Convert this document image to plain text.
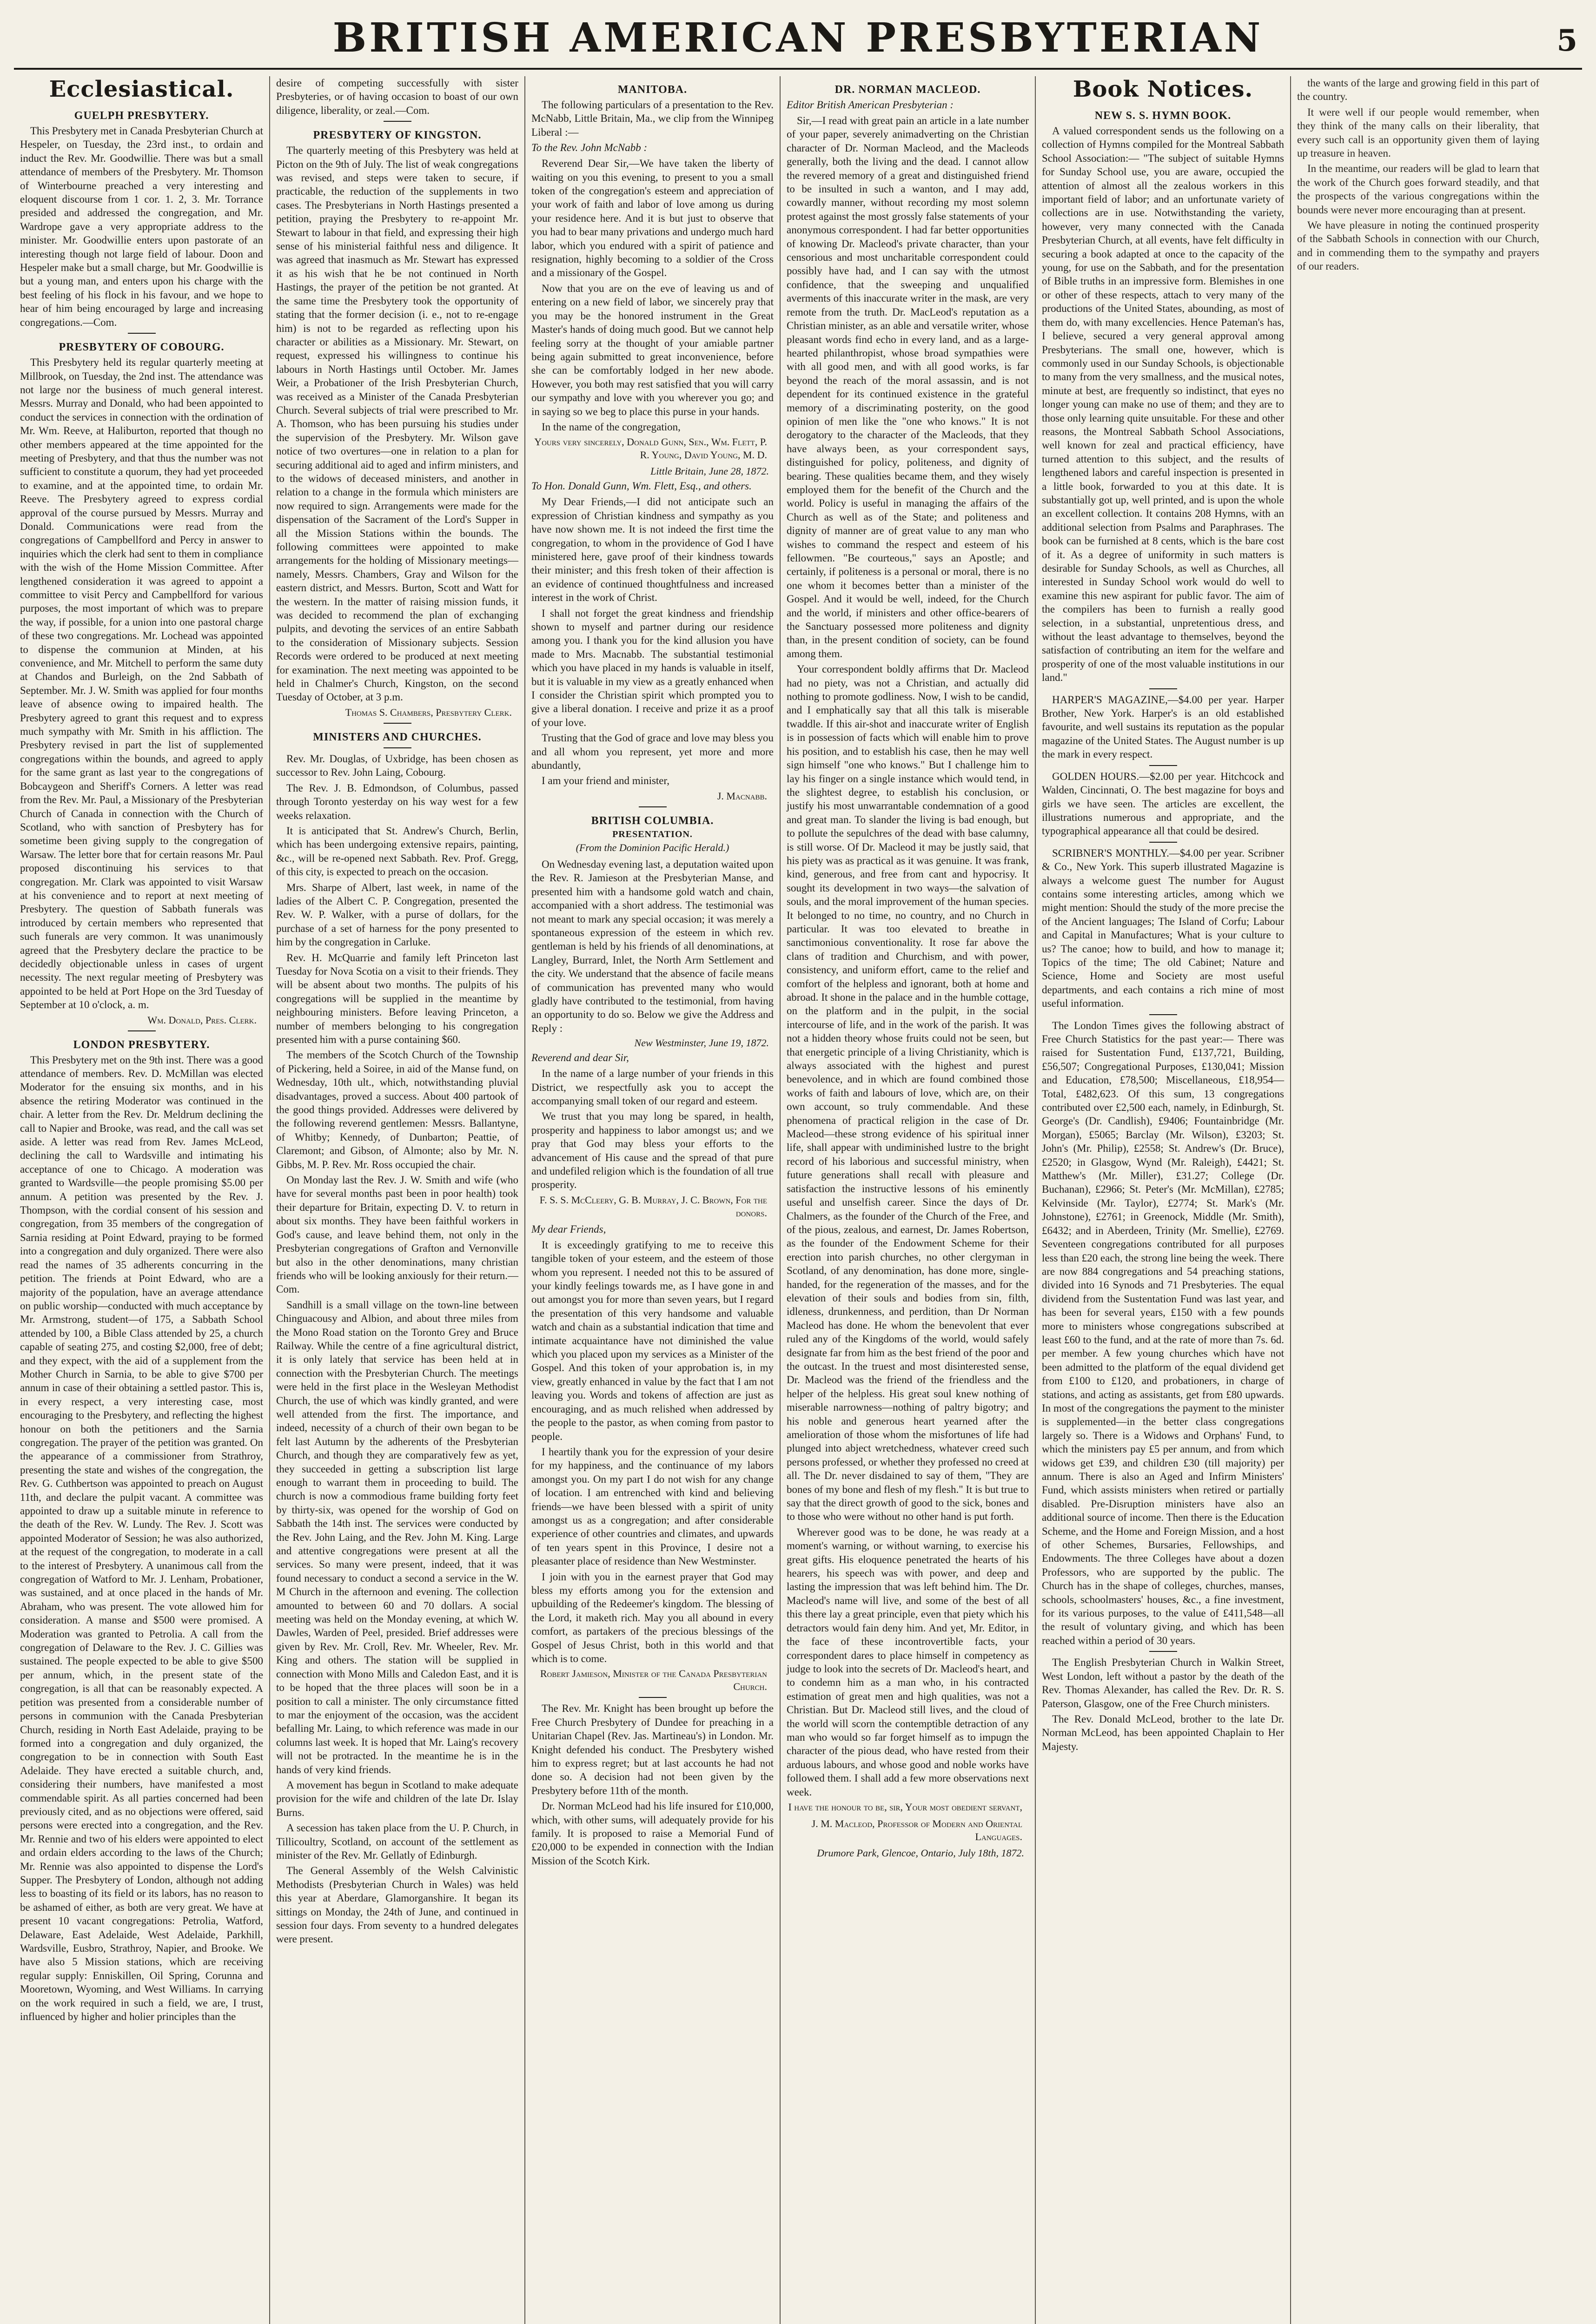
BRITISH AMERICAN PRESBYTERIAN	5
Ecclesiastical.
GUELPH PRESBYTERY.

This Presbytery met in Canada Presbyterian Church at Hespeler, on Tuesday, the 23rd inst., to ordain and induct the Rev. Mr. Goodwillie. There was but a small attendance of members of the Presbytery. Mr. Thomson of Winterbourne preached a very interesting and eloquent discourse from 1 cor. 1. 2, 3. Mr. Torrance presided and addressed the congregation, and Mr. Wardrope gave a very appropriate address to the minister. Mr. Goodwillie enters upon pastorate of an interesting though not large field of labour. Doon and Hespeler make but a small charge, but Mr. Goodwillie is but a young man, and enters upon his charge with the best feeling of his flock in his favour, and we hope to hear of him being encouraged by large and increasing congregations.—Com.

PRESBYTERY OF COBOURG.

This Presbytery held its regular quarterly meeting at Millbrook, on Tuesday, the 2nd inst. The attendance was not large nor the business of much general interest. Messrs. Murray and Donald, who had been appointed to conduct the services in connection with the ordination of Mr. Wm. Reeve, at Haliburton, reported that though no other members appeared at the time appointed for the meeting of Presbytery, and that thus the number was not sufficient to constitute a quorum, they had yet proceeded to examine, and at the appointed time, to ordain Mr. Reeve. The Presbytery agreed to express cordial approval of the course pursued by Messrs. Murray and Donald. Communications were read from the congregations of Campbellford and Percy in answer to inquiries which the clerk had sent to them in compliance with the wish of the Home Mission Committee. After lengthened consideration it was agreed to appoint a committee to visit Percy and Campbellford for various purposes, the most important of which was to prepare the way, if possible, for a union into one pastoral charge of these two congregations. Mr. Lochead was appointed to dispense the communion at Minden, at his convenience, and Mr. Mitchell to perform the same duty at Chandos and Burleigh, on the 2nd Sabbath of September. Mr. J. W. Smith was applied for four months leave of absence owing to impaired health. The Presbytery agreed to grant this request and to express much sympathy with Mr. Smith in his affliction. The Presbytery revised in part the list of supplemented congregations within the bounds, and agreed to apply for the same grant as last year to the congregations of Bobcaygeon and Sheriff's Corners. A letter was read from the Rev. Mr. Paul, a Missionary of the Presbyterian Church of Canada in connection with the Church of Scotland, who with sanction of Presbytery has for sometime been giving supply to the congregation of Warsaw. The letter bore that for certain reasons Mr. Paul proposed discontinuing his services to that congregation. Mr. Clark was appointed to visit Warsaw at his convenience and to report at next meeting of Presbytery. The question of Sabbath funerals was introduced by certain members who represented that such funerals are very common. It was unanimously agreed that the Presbytery declare the practice to be decidedly objectionable unless in cases of urgent necessity. The next regular meeting of Presbytery was appointed to be held at Port Hope on the 3rd Tuesday of September at 10 o'clock, a. m.

Wm. Donald, Pres. Clerk.
LONDON PRESBYTERY.

This Presbytery met on the 9th inst. There was a good attendance of members. Rev. D. McMillan was elected Moderator for the ensuing six months, and in his absence the retiring Moderator was continued in the chair. A letter from the Rev. Dr. Meldrum declining the call to Napier and Brooke, was read, and the call was set aside. A letter was read from Rev. James McLeod, declining the call to Wardsville and intimating his acceptance of one to Chicago. A moderation was granted to Wardsville—the people promising $5.00 per annum. A petition was presented by the Rev. J. Thompson, with the cordial consent of his session and congregation, from 35 members of the congregation of Sarnia residing at Point Edward, praying to be formed into a congregation and duly organized. There were also read the names of 35 adherents concurring in the petition. The friends at Point Edward, who are a majority of the population, have an average attendance on public worship—conducted with much acceptance by Mr. Armstrong, student—of 175, a Sabbath School attended by 100, a Bible Class attended by 25, a church capable of seating 275, and costing $2,000, free of debt; and they expect, with the aid of a supplement from the Mother Church in Sarnia, to be able to give $700 per annum in case of their obtaining a settled pastor. This is, in every respect, a very interesting case, most encouraging to the Presbytery, and reflecting the highest honour on both the petitioners and the Sarnia congregation. The prayer of the petition was granted. On the appearance of a commissioner from Strathroy, presenting the state and wishes of the congregation, the Rev. G. Cuthbertson was appointed to preach on August 11th, and declare the pulpit vacant. A committee was appointed to draw up a suitable minute in reference to the death of the Rev. W. Lundy. The Rev. J. Scott was appointed Moderator of Session; he was also authorized, at the request of the congregation, to moderate in a call to the interest of Presbytery. A unanimous call from the congregation of Watford to Mr. J. Lenham, Probationer, was sustained, and at once placed in the hands of Mr. Abraham, who was present. The vote allowed him for consideration. A manse and $500 were promised. A Moderation was granted to Petrolia. A call from the congregation of Delaware to the Rev. J. C. Gillies was sustained. The people expected to be able to give $500 per annum, which, in the present state of the congregation, is all that can be reasonably expected. A petition was presented from a considerable number of persons in communion with the Canada Presbyterian Church, residing in North East Adelaide, praying to be formed into a congregation and duly organized, the congregation to be in connection with South East Adelaide. They have erected a suitable church, and, considering their numbers, have manifested a most commendable spirit. As all parties concerned had been previously cited, and as no objections were offered, said persons were erected into a congregation, and the Rev. Mr. Rennie and two of his elders were appointed to elect and ordain elders according to the laws of the Church; Mr. Rennie was also appointed to dispense the Lord's Supper. The Presbytery of London, although not adding less to boasting of its field or its labors, has no reason to be ashamed of either, as both are very great. We have at present 10 vacant congregations: Petrolia, Watford, Delaware, East Adelaide, West Adelaide, Parkhill, Wardsville, Eusbro, Strathroy, Napier, and Brooke. We have also 5 Mission stations, which are receiving regular supply: Enniskillen, Oil Spring, Corunna and Mooretown, Wyoming, and West Williams. In carrying on the work required in such a field, we are, I trust, influenced by higher and holier principles than the

desire of competing successfully with sister Presbyteries, or of having occasion to boast of our own diligence, liberality, or zeal.—Com.

PRESBYTERY OF KINGSTON.

The quarterly meeting of this Presbytery was held at Picton on the 9th of July. The list of weak congregations was revised, and steps were taken to secure, if practicable, the reduction of the supplements in two cases. The Presbyterians in North Hastings presented a petition, praying the Presbytery to re-appoint Mr. Stewart to labour in that field, and expressing their high sense of his ministerial faithful ness and diligence. It was agreed that inasmuch as Mr. Stewart has expressed it as his wish that he be not continued in North Hastings, the prayer of the petition be not granted. At the same time the Presbytery took the opportunity of stating that the former decision (i. e., not to re-engage him) is not to be regarded as reflecting upon his character or abilities as a Missionary. Mr. Stewart, on request, expressed his willingness to continue his labours in North Hastings until October. Mr. James Weir, a Probationer of the Irish Presbyterian Church, was received as a Minister of the Canada Presbyterian Church. Several subjects of trial were prescribed to Mr. A. Thomson, who has been pursuing his studies under the supervision of the Presbytery. Mr. Wilson gave notice of two overtures—one in relation to a plan for securing additional aid to aged and infirm ministers, and to the widows of deceased ministers, and another in relation to a change in the formula which ministers are now required to sign. Arrangements were made for the dispensation of the Sacrament of the Lord's Supper in all the Mission Stations within the bounds. The following committees were appointed to make arrangements for the holding of Missionary meetings—namely, Messrs. Chambers, Gray and Wilson for the eastern district, and Messrs. Burton, Scott and Watt for the western. In the matter of raising mission funds, it was decided to recommend the plan of exchanging pulpits, and devoting the services of an entire Sabbath to the consideration of Missionary subjects. Session Records were ordered to be produced at next meeting for examination. The next meeting was appointed to be held in Chalmer's Church, Kingston, on the second Tuesday of October, at 3 p.m.

Thomas S. Chambers, Presbytery Clerk.
MINISTERS AND CHURCHES.

Rev. Mr. Douglas, of Uxbridge, has been chosen as successor to Rev. John Laing, Cobourg.

The Rev. J. B. Edmondson, of Columbus, passed through Toronto yesterday on his way west for a few weeks relaxation.

It is anticipated that St. Andrew's Church, Berlin, which has been undergoing extensive repairs, painting, &c., will be re-opened next Sabbath. Rev. Prof. Gregg, of this city, is expected to preach on the occasion.

Mrs. Sharpe of Albert, last week, in name of the ladies of the Albert C. P. Congregation, presented the Rev. W. P. Walker, with a purse of dollars, for the purchase of a set of harness for the pony presented to him by the congregation in Carluke.

Rev. H. McQuarrie and family left Princeton last Tuesday for Nova Scotia on a visit to their friends. They will be absent about two months. The pulpits of his congregations will be supplied in the meantime by neighbouring ministers. Before leaving Princeton, a number of members belonging to his congregation presented him with a purse containing $60.

The members of the Scotch Church of the Township of Pickering, held a Soiree, in aid of the Manse fund, on Wednesday, 10th ult., which, notwithstanding pluvial disadvantages, proved a success. About 400 partook of the good things provided. Addresses were delivered by the following reverend gentlemen: Messrs. Ballantyne, of Whitby; Kennedy, of Dunbarton; Peattie, of Claremont; and Gibson, of Almonte; also by Mr. N. Gibbs, M. P. Rev. Mr. Ross occupied the chair.

On Monday last the Rev. J. W. Smith and wife (who have for several months past been in poor health) took their departure for Britain, expecting D. V. to return in about six months. They have been faithful workers in God's cause, and leave behind them, not only in the Presbyterian congregations of Grafton and Vernonville but also in the other denominations, many christian friends who will be looking anxiously for their return.—Com.

Sandhill is a small village on the town-line between Chinguacousy and Albion, and about three miles from the Mono Road station on the Toronto Grey and Bruce Railway. While the centre of a fine agricultural district, it is only lately that service has been held at in connection with the Presbyterian Church. The meetings were held in the first place in the Wesleyan Methodist Church, the use of which was kindly granted, and were well attended from the first. The importance, and indeed, necessity of a church of their own began to be felt last Autumn by the adherents of the Presbyterian Church, and though they are comparatively few as yet, they succeeded in getting a subscription list large enough to warrant them in proceeding to build. The church is now a commodious frame building forty feet by thirty-six, was opened for the worship of God on Sabbath the 14th inst. The services were conducted by the Rev. John Laing, and the Rev. John M. King. Large and attentive congregations were present at all the services. So many were present, indeed, that it was found necessary to conduct a second a service in the W. M Church in the afternoon and evening. The collection amounted to between 60 and 70 dollars. A social meeting was held on the Monday evening, at which W. Dawles, Warden of Peel, presided. Brief addresses were given by Rev. Mr. Croll, Rev. Mr. Wheeler, Rev. Mr. King and others. The station will be supplied in connection with Mono Mills and Caledon East, and it is to be hoped that the three places will soon be in a position to call a minister. The only circumstance fitted to mar the enjoyment of the occasion, was the accident befalling Mr. Laing, to which reference was made in our columns last week. It is hoped that Mr. Laing's recovery will not be protracted. In the meantime he is in the hands of very kind friends.

A movement has begun in Scotland to make adequate provision for the wife and children of the late Dr. Islay Burns.

A secession has taken place from the U. P. Church, in Tillicoultry, Scotland, on account of the settlement as minister of the Rev. Mr. Gellatly of Edinburgh.

The General Assembly of the Welsh Calvinistic Methodists (Presbyterian Church in Wales) was held this year at Aberdare, Glamorganshire. It began its sittings on Monday, the 24th of June, and continued in session four days. From seventy to a hundred delegates were present.

MANITOBA.

The following particulars of a presentation to the Rev. McNabb, Little Britain, Ma., we clip from the Winnipeg Liberal :—

To the Rev. John McNabb :

Reverend Dear Sir,—We have taken the liberty of waiting on you this evening, to present to you a small token of the congregation's esteem and appreciation of your work of faith and labor of love among us during your residence here. And it is but just to observe that you had to bear many privations and undergo much hard labor, which you endured with a spirit of patience and resignation, highly becoming to a soldier of the Cross and a missionary of the Gospel.

Now that you are on the eve of leaving us and of entering on a new field of labor, we sincerely pray that you may be the honored instrument in the Great Master's hands of doing much good. But we cannot help feeling sorry at the thought of your amiable partner being again submitted to great inconvenience, before she can be comfortably lodged in her new abode. However, you both may rest satisfied that you will carry our sympathy and love with you wherever you go; and in saying so we beg to place this purse in your hands.

In the name of the congregation,

Yours very sincerely, Donald Gunn, Sen., Wm. Flett, P. R. Young, David Young, M. D.
Little Britain, June 28, 1872.
To Hon. Donald Gunn, Wm. Flett, Esq., and others.

My Dear Friends,—I did not anticipate such an expression of Christian kindness and sympathy as you have now shown me. It is not indeed the first time the congregation, to whom in the providence of God I have ministered here, gave proof of their kindness towards their minister; and this fresh token of their affection is an evidence of continued thoughtfulness and increased interest in the work of Christ.

I shall not forget the great kindness and friendship shown to myself and partner during our residence among you. I thank you for the kind allusion you have made to Mrs. Macnabb. The substantial testimonial which you have placed in my hands is valuable in itself, but it is valuable in my view as a greatly enhanced when I consider the Christian spirit which prompted you to give a liberal donation. I receive and prize it as a proof of your love.

Trusting that the God of grace and love may bless you and all whom you represent, yet more and more abundantly,

I am your friend and minister,

J. Macnabb.
BRITISH COLUMBIA.
PRESENTATION.
(From the Dominion Pacific Herald.)

On Wednesday evening last, a deputation waited upon the Rev. R. Jamieson at the Presbyterian Manse, and presented him with a handsome gold watch and chain, accompanied with a short address. The testimonial was not meant to mark any special occasion; it was merely a spontaneous expression of the esteem in which rev. gentleman is held by his friends of all denominations, at Langley, Burrard, Inlet, the North Arm Settlement and the city. We understand that the absence of facile means of communication has prevented many who would gladly have contributed to the testimonial, from having an opportunity to do so. Below we give the Address and Reply :

New Westminster, June 19, 1872.
Reverend and dear Sir,

In the name of a large number of your friends in this District, we respectfully ask you to accept the accompanying small token of our regard and esteem.

We trust that you may long be spared, in health, prosperity and happiness to labor amongst us; and we pray that God may bless your efforts to the advancement of His cause and the spread of that pure and undefiled religion which is the foundation of all true prosperity.

F. S. S. McCleery, G. B. Murray, J. C. Brown, For the donors.
My dear Friends,

It is exceedingly gratifying to me to receive this tangible token of your esteem, and the esteem of those whom you represent. I needed not this to be assured of your kindly feelings towards me, as I have gone in and out amongst you for more than seven years, but I regard the presentation of this very handsome and valuable watch and chain as a substantial indication that time and intimate acquaintance have not diminished the value which you placed upon my services as a Minister of the Gospel. And this token of your approbation is, in my view, greatly enhanced in value by the fact that I am not leaving you. Words and tokens of affection are just as encouraging, and as much relished when addressed by the people to the pastor, as when coming from pastor to people.

I heartily thank you for the expression of your desire for my happiness, and the continuance of my labors amongst you. On my part I do not wish for any change of location. I am entrenched with kind and believing friends—we have been blessed with a spirit of unity amongst us as a congregation; and after considerable experience of other countries and climates, and upwards of ten years spent in this Province, I desire not a pleasanter place of residence than New Westminster.

I join with you in the earnest prayer that God may bless my efforts among you for the extension and upbuilding of the Redeemer's kingdom. The blessing of the Lord, it maketh rich. May you all abound in every comfort, as partakers of the precious blessings of the Gospel of Jesus Christ, both in this world and that which is to come.

Robert Jamieson, Minister of the Canada Presbyterian Church.

The Rev. Mr. Knight has been brought up before the Free Church Presbytery of Dundee for preaching in a Unitarian Chapel (Rev. Jas. Martineau's) in London. Mr. Knight defended his conduct. The Presbytery wished him to express regret; but at last accounts he had not done so. A decision had not been given by the Presbytery before 11th of the month.

Dr. Norman McLeod had his life insured for £10,000, which, with other sums, will adequately provide for his family. It is proposed to raise a Memorial Fund of £20,000 to be expended in connection with the Indian Mission of the Scotch Kirk.

DR. NORMAN MACLEOD.
Editor British American Presbyterian :

Sir,—I read with great pain an article in a late number of your paper, severely animadverting on the Christian character of Dr. Norman Macleod, and the Macleods generally, both the living and the dead. I cannot allow the revered memory of a great and distinguished friend to be insulted in such a wanton, and I may add, cowardly manner, without recording my most solemn protest against the most grossly false statements of your anonymous correspondent. I had far better opportunities of knowing Dr. Macleod's private character, than your censorious and most uncharitable correspondent could possibly have had, and I can say with the utmost confidence, that the sweeping and unqualified averments of this inaccurate writer in the mask, are very remote from the truth. Dr. MacLeod's reputation as a Christian minister, as an able and versatile writer, whose pleasant words find echo in every land, and as a large-hearted philanthropist, whose broad sympathies were with all good men, and with all good works, is far beyond the reach of the moral assassin, and is not dependent for its continued existence in the grateful memory of a discriminating posterity, on the good opinion of men like the "one who knows." It is not derogatory to the character of the Macleods, that they have always been, as your correspondent says, distinguished for policy, politeness, and dignity of bearing. These qualities became them, and they wisely employed them for the benefit of the Church and the world. Policy is useful in managing the affairs of the Church as well as of the State; and politeness and dignity of manner are of great value to any man who wishes to command the respect and esteem of his fellowmen. "Be courteous," says an Apostle; and certainly, if politeness is a personal or moral, there is no one whom it becomes better than a minister of the Gospel. And it would be well, indeed, for the Church and the world, if ministers and other office-bearers of the Sanctuary possessed more politeness and dignity than, in the present condition of society, can be found among them.

Your correspondent boldly affirms that Dr. Macleod had no piety, was not a Christian, and actually did nothing to promote godliness. Now, I wish to be candid, and I emphatically say that all this talk is miserable twaddle. If this air-shot and inaccurate writer of English is in possession of facts which will enable him to prove his position, and to establish his case, then he may well sign himself "one who knows." But I challenge him to lay his finger on a single instance which would tend, in the slightest degree, to establish his conclusion, or justify his most unwarrantable condemnation of a good and great man. To slander the living is bad enough, but to pollute the sepulchres of the dead with base calumny, is still worse. Of Dr. Macleod it may be justly said, that his piety was as practical as it was genuine. It was frank, kind, generous, and free from cant and hypocrisy. It sought its development in two ways—the salvation of souls, and the moral improvement of the human species. It belonged to no time, no country, and no Church in particular. It was too elevated to breathe in sanctimonious conventionality. It rose far above the clans of tradition and Churchism, and with power, consistency, and uniform effort, came to the relief and comfort of the helpless and ignorant, both at home and abroad. It shone in the palace and in the humble cottage, on the platform and in the pulpit, in the social intercourse of life, and in the work of the parish. It was not a hidden theory whose fruits could not be seen, but that energetic principle of a living Christianity, which is always associated with the highest and purest benevolence, and in which are found combined those works of faith and labours of love, which are, on their own account, so truly commendable. And these phenomena of practical religion in the case of Dr. Macleod—these strong evidence of his spiritual inner life, shall appear with undiminished lustre to the bright record of his laborious and successful ministry, when future generations shall recall with pleasure and satisfaction the instructive lessons of his eminently useful and unselfish career. Since the days of Dr. Chalmers, as the founder of the Church of the Free, and of the pious, zealous, and earnest, Dr. James Robertson, as the founder of the Endowment Scheme for their erection into parish churches, no other clergyman in Scotland, of any denomination, has done more, single-handed, for the regeneration of the masses, and for the elevation of their souls and bodies from sin, filth, idleness, drunkenness, and perdition, than Dr Norman Macleod has done. He whom the benevolent that ever ruled any of the Kingdoms of the world, would safely designate far from him as the best friend of the poor and the outcast. In the truest and most disinterested sense, Dr. Macleod was the friend of the friendless and the helper of the helpless. His great soul knew nothing of miserable narrowness—nothing of paltry bigotry; and his noble and generous heart yearned after the amelioration of those whom the misfortunes of life had plunged into abject wretchedness, whatever creed such persons professed, or whether they professed no creed at all. The Dr. never disdained to say of them, "They are bones of my bone and flesh of my flesh." It is but true to say that the direct growth of good to the sick, bones and to those who were without no other hand is put forth.

Wherever good was to be done, he was ready at a moment's warning, or without warning, to exercise his great gifts. His eloquence penetrated the hearts of his hearers, his speech was with power, and deep and lasting the impression that was left behind him. The Dr. Macleod's name will live, and some of the best of all this there lay a great principle, even that piety which his detractors would fain deny him. And yet, Mr. Editor, in the face of these incontrovertible facts, your correspondent dares to place himself in competency as judge to look into the secrets of Dr. Macleod's heart, and to condemn him as a man who, in his contracted estimation of great men and high qualities, was not a Christian. But Dr. Macleod still lives, and the cloud of the world will scorn the contemptible detraction of any man who would so far forget himself as to impugn the character of the pious dead, who have rested from their arduous labours, and whose good and noble works have followed them. I shall add a few more observations next week.

I have the honour to be, sir, Your most obedient servant,
J. M. Macleod, Professor of Modern and Oriental Languages.
Drumore Park, Glencoe, Ontario, July 18th, 1872.
Book Notices.
NEW S. S. HYMN BOOK.

A valued correspondent sends us the following on a collection of Hymns compiled for the Montreal Sabbath School Association:— "The subject of suitable Hymns for Sunday School use, you are aware, occupied the attention of almost all the zealous workers in this important field of labor; and an unfortunate variety of collections are in use. Notwithstanding the variety, however, very many connected with the Canada Presbyterian Church, at all events, have felt difficulty in securing a book adapted at once to the capacity of the young, for use on the Sabbath, and for the presentation of Bible truths in an impressive form. Blemishes in one or other of these respects, attach to very many of the productions of the United States, abounding, as most of them do, with many excellencies. Hence Pateman's has, I believe, secured a very general approval among Presbyterians. The small one, however, which is commonly used in our Sunday Schools, is objectionable to many from the very smallness, and the musical notes, minute at best, are frequently so indistinct, that eyes no longer young can make no use of them; and they are to those only learning quite unsuitable. For these and other reasons, the Montreal Sabbath School Associations, well known for zeal and practical efficiency, have turned attention to this subject, and the results of lengthened labors and careful inspection is presented in a little book, forwarded to you at this date. It is substantially got up, well printed, and is upon the whole an excellent collection. It contains 208 Hymns, with an additional selection from Psalms and Paraphrases. The book can be furnished at 8 cents, which is the bare cost of it. As a degree of uniformity in such matters is desirable for Sunday Schools, as well as Churches, all interested in Sunday School work would do well to examine this new aspirant for public favor. The aim of the compilers has been to furnish a really good selection, in a substantial, unpretentious dress, and without the least advantage to themselves, beyond the satisfaction of contributing an item for the welfare and prosperity of one of the most valuable institutions in our land."

HARPER'S MAGAZINE,—$4.00 per year. Harper Brother, New York. Harper's is an old established favourite, and well sustains its reputation as the popular magazine of the United States. The August number is up the mark in every respect.

GOLDEN HOURS.—$2.00 per year. Hitchcock and Walden, Cincinnati, O. The best magazine for boys and girls we have seen. The articles are excellent, the illustrations numerous and appropriate, and the typographical appearance all that could be desired.

SCRIBNER'S MONTHLY.—$4.00 per year. Scribner & Co., New York. This superb illustrated Magazine is always a welcome guest The number for August contains some interesting articles, among which we might mention: Should the study of the more precise the of the Ancient languages; The Island of Corfu; Labour and Capital in Manufactures; What is your culture to us? The canoe; how to build, and how to manage it; Topics of the time; The old Cabinet; Nature and Science, Home and Society are most useful departments, and each contains a rich mine of most useful information.

The London Times gives the following abstract of Free Church Statistics for the past year:— There was raised for Sustentation Fund, £137,721, Building, £56,507; Congregational Purposes, £130,041; Mission and Education, £78,500; Miscellaneous, £18,954—Total, £482,623. Of this sum, 13 congregations contributed over £2,500 each, namely, in Edinburgh, St. George's (Dr. Candlish), £9406; Fountainbridge (Mr. Morgan), £5065; Barclay (Mr. Wilson), £3203; St. John's (Mr. Philip), £2558; St. Andrew's (Dr. Bruce), £2520; in Glasgow, Wynd (Mr. Raleigh), £4421; St. Matthew's (Mr. Miller), £31.27; College (Dr. Buchanan), £2966; St. Peter's (Mr. McMillan), £2785; Kelvinside (Mr. Taylor), £2774; St. Mark's (Mr. Johnstone), £2761; in Greenock, Middle (Mr. Smith), £6432; and in Aberdeen, Trinity (Mr. Smellie), £2769. Seventeen congregations contributed for all purposes less than £20 each, the strong line being the week. There are now 884 congregations and 54 preaching stations, divided into 16 Synods and 71 Presbyteries. The equal dividend from the Sustentation Fund was last year, and has been for several years, £150 with a few pounds more to ministers whose congregations subscribed at least £60 to the fund, and at the rate of more than 7s. 6d. per member. A few young churches which have not been admitted to the platform of the equal dividend get from £100 to £120, and probationers, in charge of stations, and acting as assistants, get from £80 upwards. In most of the congregations the payment to the minister is supplemented—in the better class congregations largely so. There is a Widows and Orphans' Fund, to which the ministers pay £5 per annum, and from which widows get £39, and children £30 (till majority) per annum. There is also an Aged and Infirm Ministers' Fund, which assists ministers when retired or partially disabled. Pre-Disruption ministers have also an additional source of income. Then there is the Education Scheme, and the Home and Foreign Mission, and a host of other Schemes, Bursaries, Fellowships, and Endowments. The three Colleges have about a dozen Professors, who are supported by the public. The Church has in the shape of colleges, churches, manses, schools, schoolmasters' houses, &c., a fine investment, for its various purposes, to the value of £411,548—all the result of voluntary giving, and which has been reached within a period of 30 years.

The English Presbyterian Church in Walkin Street, West London, left without a pastor by the death of the Rev. Thomas Alexander, has called the Rev. Dr. R. S. Paterson, Glasgow, one of the Free Church ministers.

The Rev. Donald McLeod, brother to the late Dr. Norman McLeod, has been appointed Chaplain to Her Majesty.

the wants of the large and growing field in this part of the country.

It were well if our people would remember, when they think of the many calls on their liberality, that every such call is an opportunity given them of laying up treasure in heaven.

In the meantime, our readers will be glad to learn that the work of the Church goes forward steadily, and that the prospects of the various congregations within the bounds were never more encouraging than at present.

We have pleasure in noting the continued prosperity of the Sabbath Schools in connection with our Church, and in commending them to the sympathy and prayers of our readers.
